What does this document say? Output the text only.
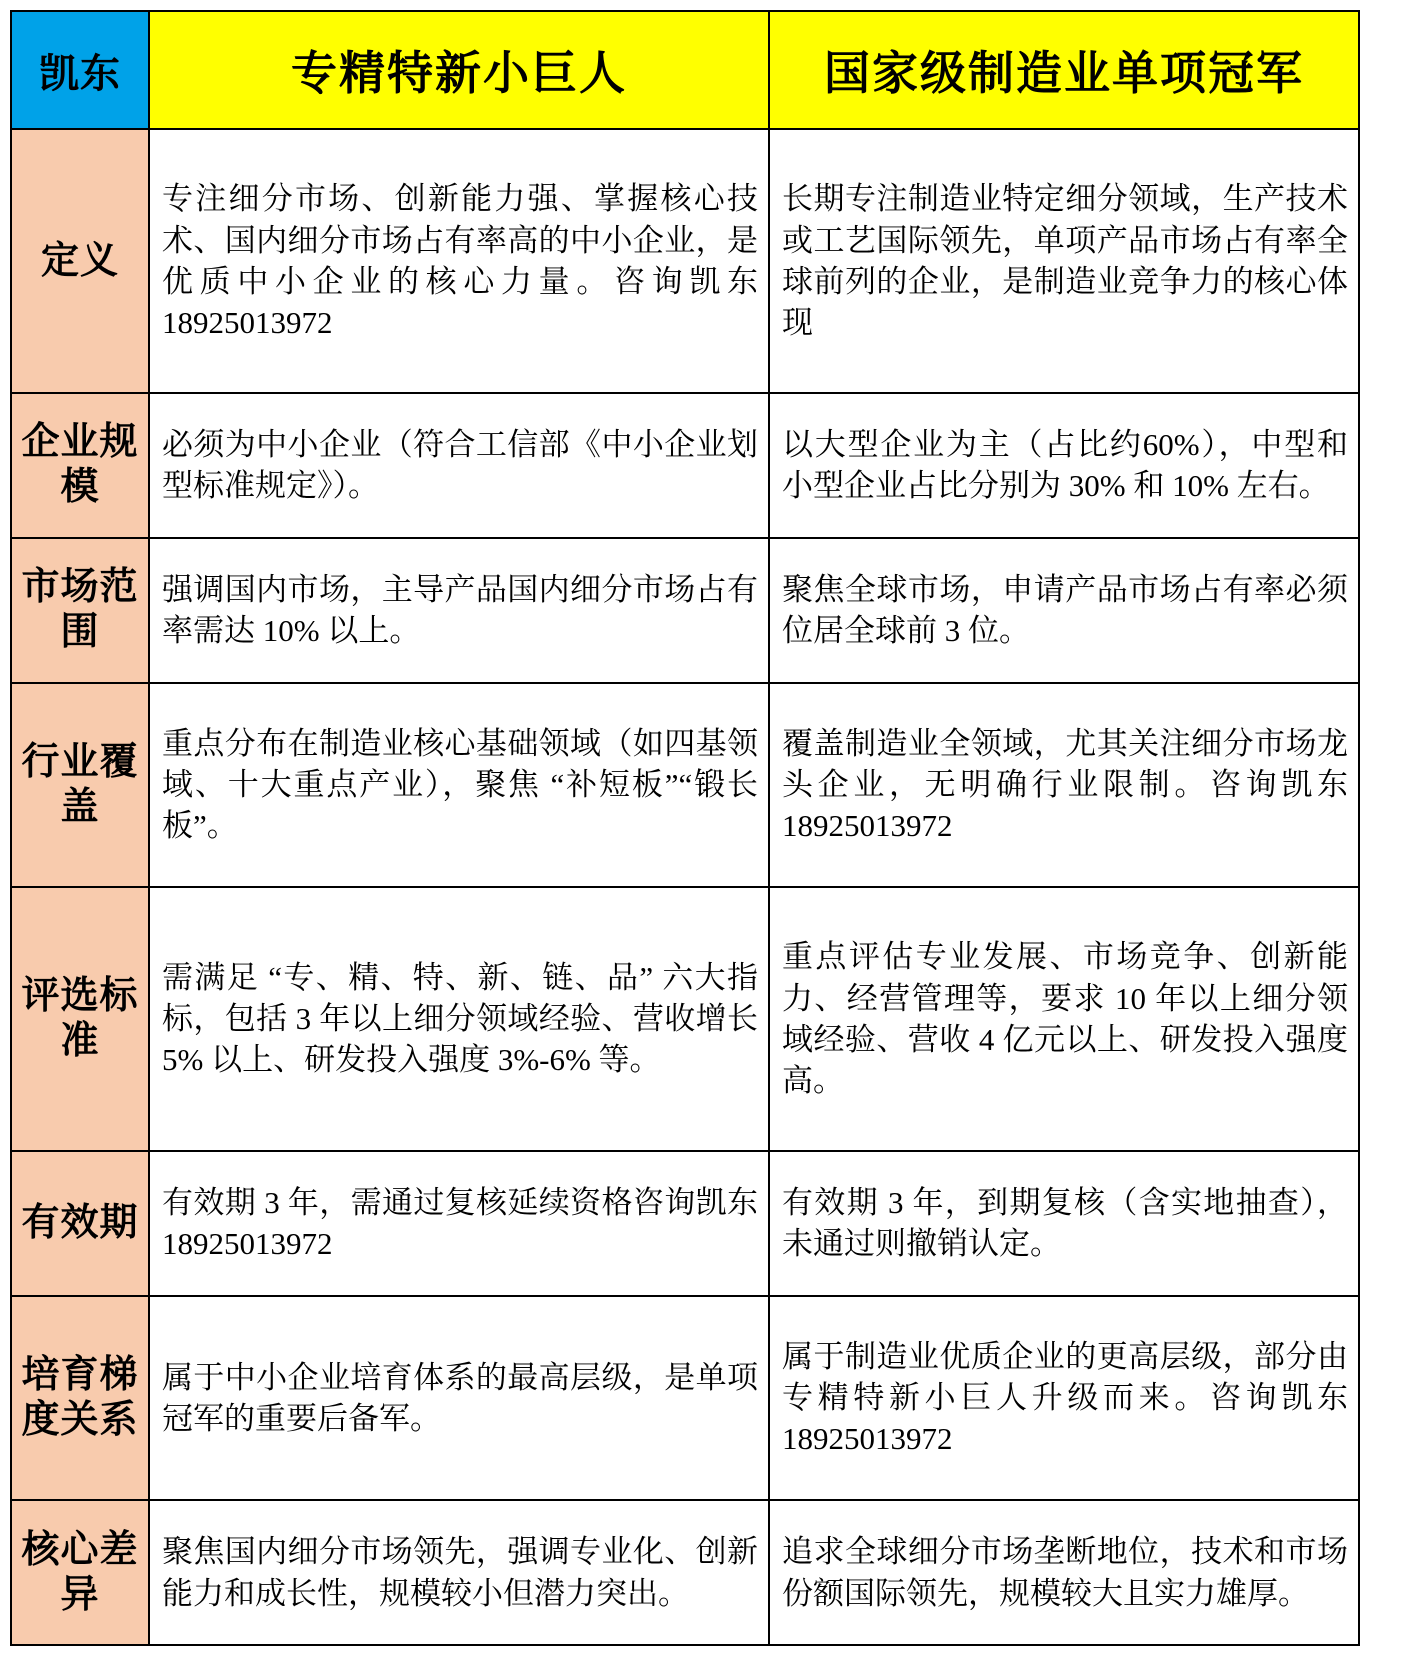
凯东	专精特新小巨人	国家级制造业单项冠军
定义	专注细分市场、创新能力强、掌握核心技术、国内细分市场占有率高的中小企业，是优质中小企业的核心力量。咨询凯东18925013972	长期专注制造业特定细分领域，生产技术或工艺国际领先，单项产品市场占有率全球前列的企业，是制造业竞争力的核心体现
企业规模	必须为中小企业（符合工信部《中小企业划型标准规定》）。	以大型企业为主（占比约60%），中型和小型企业占比分别为 30% 和 10% 左右。
市场范围	强调国内市场，主导产品国内细分市场占有率需达 10% 以上。	聚焦全球市场，申请产品市场占有率必须位居全球前 3 位。
行业覆盖	重点分布在制造业核心基础领域（如四基领域、十大重点产业），聚焦 “补短板”“锻长板”。	覆盖制造业全领域，尤其关注细分市场龙头企业，无明确行业限制。咨询凯东18925013972
评选标准	需满足 “专、精、特、新、链、品” 六大指标，包括 3 年以上细分领域经验、营收增长 5% 以上、研发投入强度 3%-6% 等。	重点评估专业发展、市场竞争、创新能力、经营管理等，要求 10 年以上细分领域经验、营收 4 亿元以上、研发投入强度高。
有效期	有效期 3 年，需通过复核延续资格咨询凯东18925013972	有效期 3 年，到期复核（含实地抽查），未通过则撤销认定。
培育梯度关系	属于中小企业培育体系的最高层级，是单项冠军的重要后备军。	属于制造业优质企业的更高层级，部分由专精特新小巨人升级而来。咨询凯东18925013972
核心差异	聚焦国内细分市场领先，强调专业化、创新能力和成长性，规模较小但潜力突出。	追求全球细分市场垄断地位，技术和市场份额国际领先，规模较大且实力雄厚。
